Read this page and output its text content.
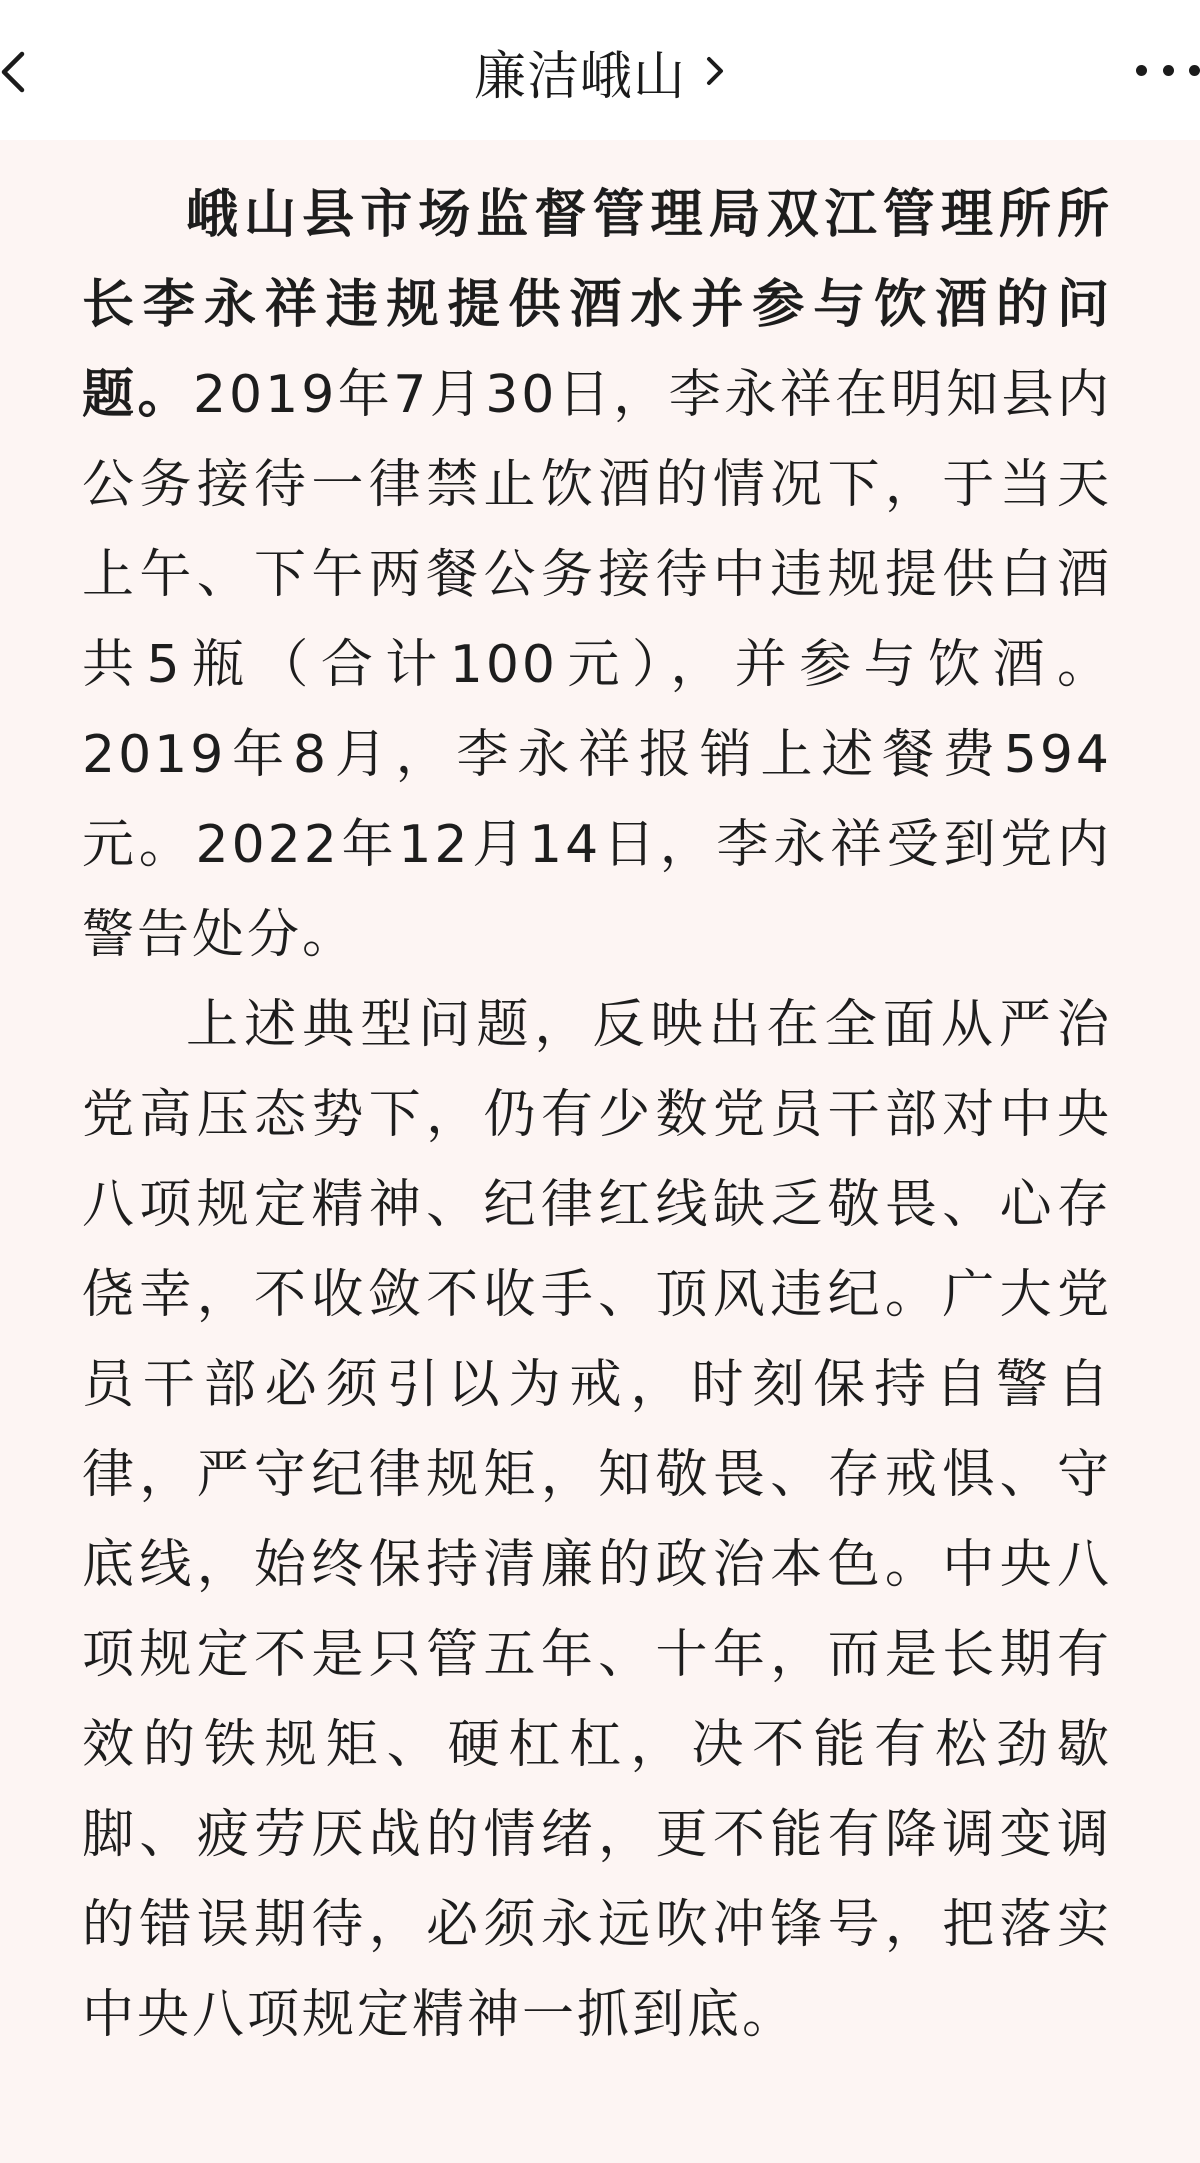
廉洁峨山

峨山县市场监督管理局双江管理所所长李永祥违规提供酒水并参与饮酒的问题。2019年7月30日，李永祥在明知县内公务接待一律禁止饮酒的情况下，于当天上午、下午两餐公务接待中违规提供白酒共5瓶（合计100元），并参与饮酒。2019年8月，李永祥报销上述餐费594元。2022年12月14日，李永祥受到党内警告处分。

上述典型问题，反映出在全面从严治党高压态势下，仍有少数党员干部对中央八项规定精神、纪律红线缺乏敬畏、心存侥幸，不收敛不收手、顶风违纪。广大党员干部必须引以为戒，时刻保持自警自律，严守纪律规矩，知敬畏、存戒惧、守底线，始终保持清廉的政治本色。中央八项规定不是只管五年、十年，而是长期有效的铁规矩、硬杠杠，决不能有松劲歇脚、疲劳厌战的情绪，更不能有降调变调的错误期待，必须永远吹冲锋号，把落实中央八项规定精神一抓到底。
